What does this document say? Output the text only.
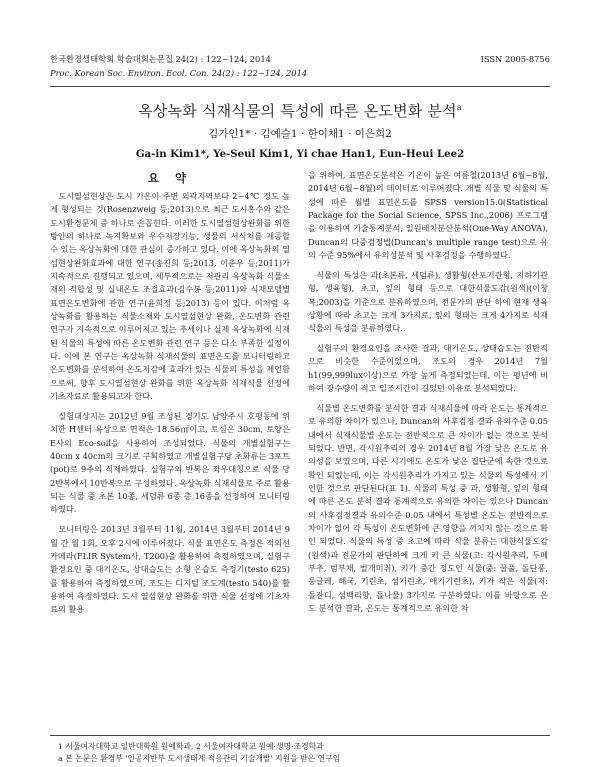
한국환경생태학회 학술대회논문집 24(2) : 122~124, 2014	ISSN 2005-8756
Proc. Korean Soc. Environ. Ecol. Con. 24(2) : 122~124, 2014
옥상녹화 식재식물의 특성에 따른 온도변화 분석$^a$
김가인1* · 김예슬1 · 한이채1 · 이은희2
Ga-in Kim1*, Ye-Seul Kim1, Yi chae Han1, Eun-Heui Lee2
요 약

도시열섬현상은 도시 기온이 주변 외곽지역보다 2~4℃ 정도 높게 형성되는 것(Rosenzweig 등;2013)으로 최근 도시홍수와 같은 도시환경문제 중 하나로 손꼽힌다. 이러한 도시열섬현상완화를 위한 방안의 하나로 녹지확보와 우수저장기능, 생물의 서식처를 제공할 수 있는 옥상녹화에 대한 관심이 증가하고 있다. 이에 옥상녹화의 열섬현상완화효과에 대한 연구(송진희 등;2013, 이춘우 등;2011)가 지속적으로 진행되고 있으며, 세부적으로는 저관리 옥상녹화 식물소재의 적합성 및 실내온도 조절효과(김수봉 등;2011)와 식재모델별 표면온도변화에 관한 연구(윤희정 등;2013) 등이 있다. 이처럼 옥상녹화를 활용하는 식물소재와 도시열섬현상 완화, 온도변화 관련 연구가 지속적으로 이루어지고 있는 추세이나 실제 옥상녹화에 식재된 식물의 특성에 따른 온도변화 관련 연구 등은 다소 부족한 실정이다. 이에 본 연구는 옥상녹화 식재식물의 표면온도를 모니터링하고 온도변화를 분석하여 온도저감에 효과가 있는 식물의 특성을 제언함으로써, 향후 도시열섬현상 완화를 위한 옥상녹화 식재식물 선정에 기초자료로 활용되고자 한다.

실험대상지는 2012년 9월 조성된 경기도 남양주시 호평동에 위치한 H센터 옥상으로 면적은 18.56㎡이고, 토심은 30cm, 토양은 E사의 Eco-soil을 사용하여 조성되었다. 식물의 개별실험구는 40cm x 40cm의 크기로 구획하였고 개별실험구당 초화류는 3포트(pot)로 9주의 식재하였다. 실험구의 반복은 좌우대칭으로 식물 당 2반복에서 10반복으로 구성하였다. 옥상녹화 식재식물로 주로 활용되는 식물 중 초본 10종, 세덤류 6종 총 16종을 선정하여 모니터링하였다.

모니터링은 2013년 3월부터 11월, 2014년 3월부터 2014년 9월 간 월 1회, 오후 2시에 이루어졌다. 식물 표면온도 측정은 적외선카메라(FLIR System사, T200)을 활용하여 측정하였으며, 실험구 환경요인 중 대기온도, 상대습도는 소형 온습도 측정기(testo 625)를 활용하여 측정하였으며, 조도는 디지털 조도계(testo 540)를 활용하여 측정하였다. 도시 열섬현상 완화를 위한 식물 선정에 기초자료의 활용

을 위하여, 표면온도분석은 기온이 높은 여름철(2013년 6월~8월, 2014년 6월~8월)의 데이터로 이루어졌다. 개별 식물 및 식물의 특성에 따른 월별 표면온도를 SPSS version15.0(Statistical Package for the Social Science, SPSS Inc.,2006) 프로그램을 이용하여 기술통계분석, 일원배치분산분석(One-Way ANOVA), Duncan의 다중검정법(Duncan's multiple range test)으로 유의 수준 95%에서 유의성분석 및 사후검정을 수행하였다.

식물의 특성은 과(초본류, 세덤류), 생활형(산포기관형, 지하기관형, 생육형), 초고, 잎의 형태 등으로 대한식물도감(원색)(이창복;2003)을 기준으로 분류하였으며, 전문가의 판단 하에 현재 생육 상황에 따라 초고는 크게 3가지로, 잎의 형태는 크게 4가지로 식재식물의 특성을 분류하였다.

실험구의 환경요인을 조사한 결과, 대기온도, 상대습도는 전반적으로 비슷한 수준이었으며, 조도의 경우 2014년 7월 h1(99,999lux이상)으로 가장 높게 측정되었는데, 이는 평년에 비하여 강수량이 적고 일조시간이 길었던 이유로 분석되었다.

식물별 온도변화를 분석한 결과 식재식물에 따라 온도는 통계적으로 유의한 차이가 있으나, Duncan의 사후검정 결과 유의수준 0.05 내에서 식재식물별 온도는 전반적으로 큰 차이가 없는 것으로 분석되었다. 반면, 각시원추리의 경우 2014년 8월 가장 낮은 온도로 유의성을 보였으며, 다른 시기에도 온도가 낮은 집단군에 속한 것으로 확인 되었는데, 이는 각시원추리가 가지고 있는 식물의 특성에서 기인한 것으로 판단된다(표 1). 식물의 특성 중 과, 생활형, 잎의 형태에 따른 온도 분석 결과 통계적으로 유의한 차이는 있으나 Duncan의 사후검정결과 유의수준 0.05 내에서 특성별 온도는 전반적으로 차이가 없어 각 특성이 온도변화에 큰 영향을 끼치지 않는 것으로 확인 되었다. 식물의 특성 중 초고에 따라 식물 분류는 대한식물도감(원색)과 전문가의 판단하에 크게 키 큰 식물(고: 각시원추리, 두메부추, 범부채, 벌개미취), 키가 중간 정도인 식물(중: 꿀풀, 돌단풍, 둥글레, 해국, 기린초, 섬기린초, 애기기린초), 키가 작은 식물(저: 돌잔디, 섬백리향, 돌나물) 3가지로 구분하였다. 이를 바탕으로 온도 분석한 결과, 온도는 통계적으로 유의한 차

1 서울여자대학교 일반대학원 원예학과, 2 서울여자대학교 원예·생명·조경학과
a 본 논문은 환경부 '인공지반부 도시생태계 적응관리 기술개발' 지원을 받은 연구임
